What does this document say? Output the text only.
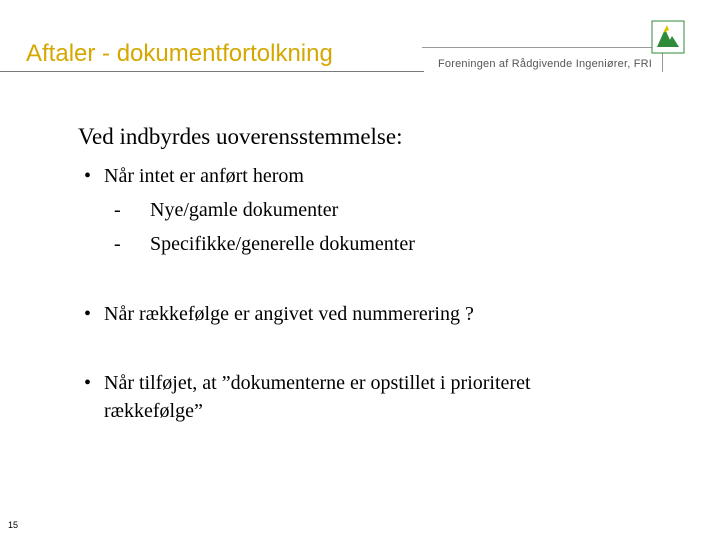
Aftaler - dokumentfortolkning	Foreningen af Rådgivende Ingeniører, FRI
Ved indbyrdes uoverensstemmelse:
• Når intet er anført herom
- Nye/gamle dokumenter
- Specifikke/generelle dokumenter
• Når rækkefølge er angivet ved nummerering ?
• Når tilføjet, at ”dokumenterne er opstillet i prioriteret
rækkefølge”
15
